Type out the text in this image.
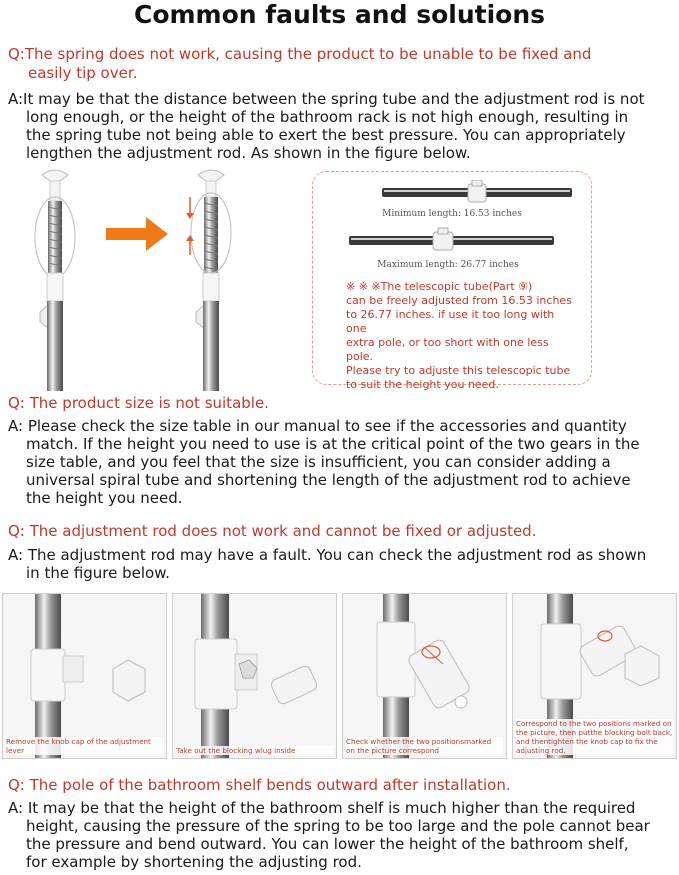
Common faults and solutions
Q:The spring does not work, causing the product to be unable to be fixed and
easily tip over.
A:It may be that the distance between the spring tube and the adjustment rod is not
long enough, or the height of the bathroom rack is not high enough, resulting in
the spring tube not being able to exert the best pressure. You can appropriately
lengthen the adjustment rod. As shown in the figure below.
Minimum length: 16.53 inches
Maximum length: 26.77 inches
※ ※ ※The telescopic tube(Part ⑨)
can be freely adjusted from 16.53 inches
to 26.77 inches. if use it too long with one
extra pole, or too short with one less pole.
Please try to adjuste this telescopic tube
to suit the height you need.
Q: The product size is not suitable.
A: Please check the size table in our manual to see if the accessories and quantity
match. If the height you need to use is at the critical point of the two gears in the
size table, and you feel that the size is insufficient, you can consider adding a
universal spiral tube and shortening the length of the adjustment rod to achieve
the height you need.
Q: The adjustment rod does not work and cannot be fixed or adjusted.
A: The adjustment rod may have a fault. You can check the adjustment rod as shown
in the figure below.
Remove the knob cap of the adjustment lever	Take out the blocking wlug inside
Check whether the two positionsmarked
on the picture correspond
Correspond to the two positions marked on
the picture, then putthe blocking bolt back,
and thentighten the knob cap to fix the
adjusting rod.
Q: The pole of the bathroom shelf bends outward after installation.
A: It may be that the height of the bathroom shelf is much higher than the required
height, causing the pressure of the spring to be too large and the pole cannot bear
the pressure and bend outward. You can lower the height of the bathroom shelf,
for example by shortening the adjusting rod.
